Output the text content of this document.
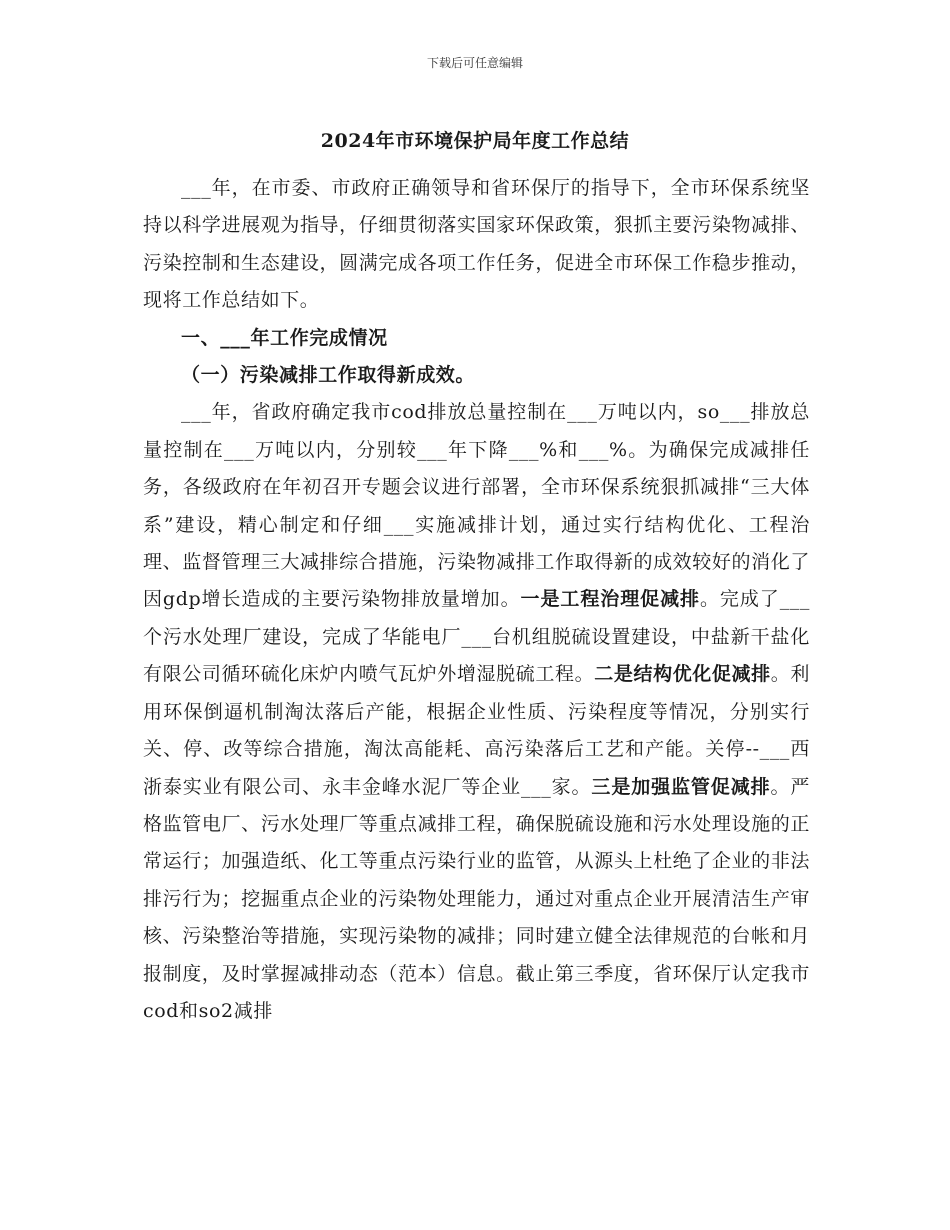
下载后可任意编辑
2024年市环境保护局年度工作总结

___年，在市委、市政府正确领导和省环保厅的指导下，全市环保系统坚持以科学进展观为指导，仔细贯彻落实国家环保政策，狠抓主要污染物减排、污染控制和生态建设，圆满完成各项工作任务，促进全市环保工作稳步推动，现将工作总结如下。

一、___年工作完成情况

（一）污染减排工作取得新成效。

___年，省政府确定我市cod排放总量控制在___万吨以内，so___排放总量控制在___万吨以内，分别较___年下降___%和___%。为确保完成减排任务，各级政府在年初召开专题会议进行部署，全市环保系统狠抓减排“三大体系”建设，精心制定和仔细___实施减排计划，通过实行结构优化、工程治理、监督管理三大减排综合措施，污染物减排工作取得新的成效较好的消化了因gdp增长造成的主要污染物排放量增加。一是工程治理促减排。完成了___个污水处理厂建设，完成了华能电厂___台机组脱硫设置建设，中盐新干盐化有限公司循环硫化床炉内喷气瓦炉外增湿脱硫工程。二是结构优化促减排。利用环保倒逼机制淘汰落后产能，根据企业性质、污染程度等情况，分别实行关、停、改等综合措施，淘汰高能耗、高污染落后工艺和产能。关停--___西浙泰实业有限公司、永丰金峰水泥厂等企业___家。三是加强监管促减排。严格监管电厂、污水处理厂等重点减排工程，确保脱硫设施和污水处理设施的正常运行；加强造纸、化工等重点污染行业的监管，从源头上杜绝了企业的非法排污行为；挖掘重点企业的污染物处理能力，通过对重点企业开展清洁生产审核、污染整治等措施，实现污染物的减排；同时建立健全法律规范的台帐和月报制度，及时掌握减排动态（范本）信息。截止第三季度，省环保厅认定我市cod和so2减排
